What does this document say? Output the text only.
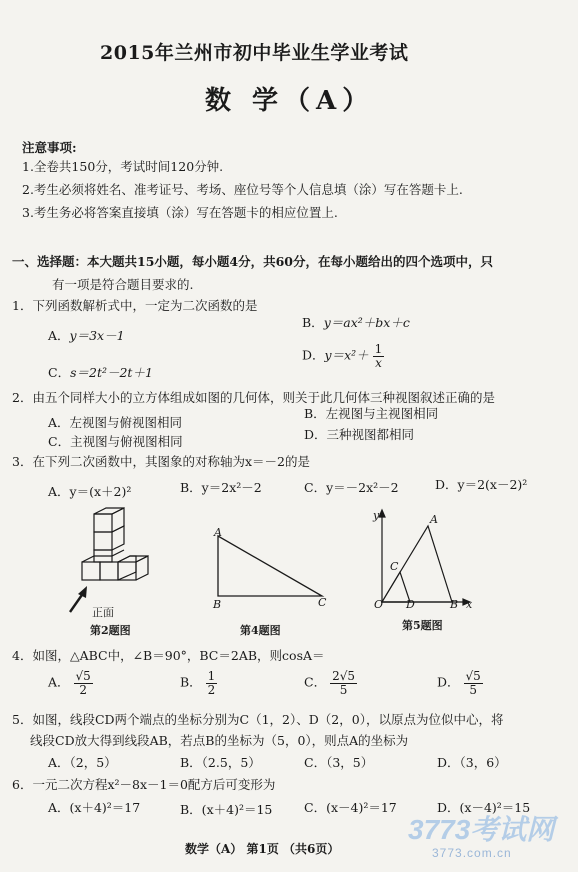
2015年兰州市初中毕业生学业考试
数 学（A）
注意事项:
1.全卷共150分，考试时间120分钟.
2.考生必须将姓名、准考证号、考场、座位号等个人信息填（涂）写在答题卡上.
3.考生务必将答案直接填（涂）写在答题卡的相应位置上.
一、选择题：本大题共15小题，每小题4分，共60分，在每小题给出的四个选项中，只
有一项是符合题目要求的.
1．下列函数解析式中，一定为二次函数的是
A．y＝3x－1
B．y＝ax²＋bx＋c
C．s＝2t²－2t＋1
D．$y=x^2+ \frac{1}{x}$
2．由五个同样大小的立方体组成如图的几何体，则关于此几何体三种视图叙述正确的是
A．左视图与俯视图相同
B．左视图与主视图相同
C．主视图与俯视图相同	D．三种视图都相同
3．在下列二次函数中，其图象的对称轴为x＝－2的是
A．y＝(x＋2)²	B．y＝2x²－2	C．y＝－2x²－2	D．y＝2(x－2)²
正面
第2题图
A
B	C
第4题图
y	A
C
O D	B x
第5题图
4．如图，△ABC中，∠B＝90°，BC＝2AB，则cosA＝
A． $\frac{√5}{2}$	B． $\frac{1}{2}$	C． $\frac{2√5}{5}$	D． $\frac{√5}{5}$
5．如图，线段CD两个端点的坐标分别为C（1，2）、D（2，0），以原点为位似中心，将
线段CD放大得到线段AB，若点B的坐标为（5，0），则点A的坐标为
A．（2，5）	B．（2.5，5）	C．（3，5）	D．（3，6）
6．一元二次方程x²－8x－1＝0配方后可变形为
A．(x＋4)²＝17	B．(x＋4)²＝15	C．(x－4)²＝17	D．(x－4)²＝15
数学（A） 第1页 （共6页）
3773考试网
3773.com.cn
